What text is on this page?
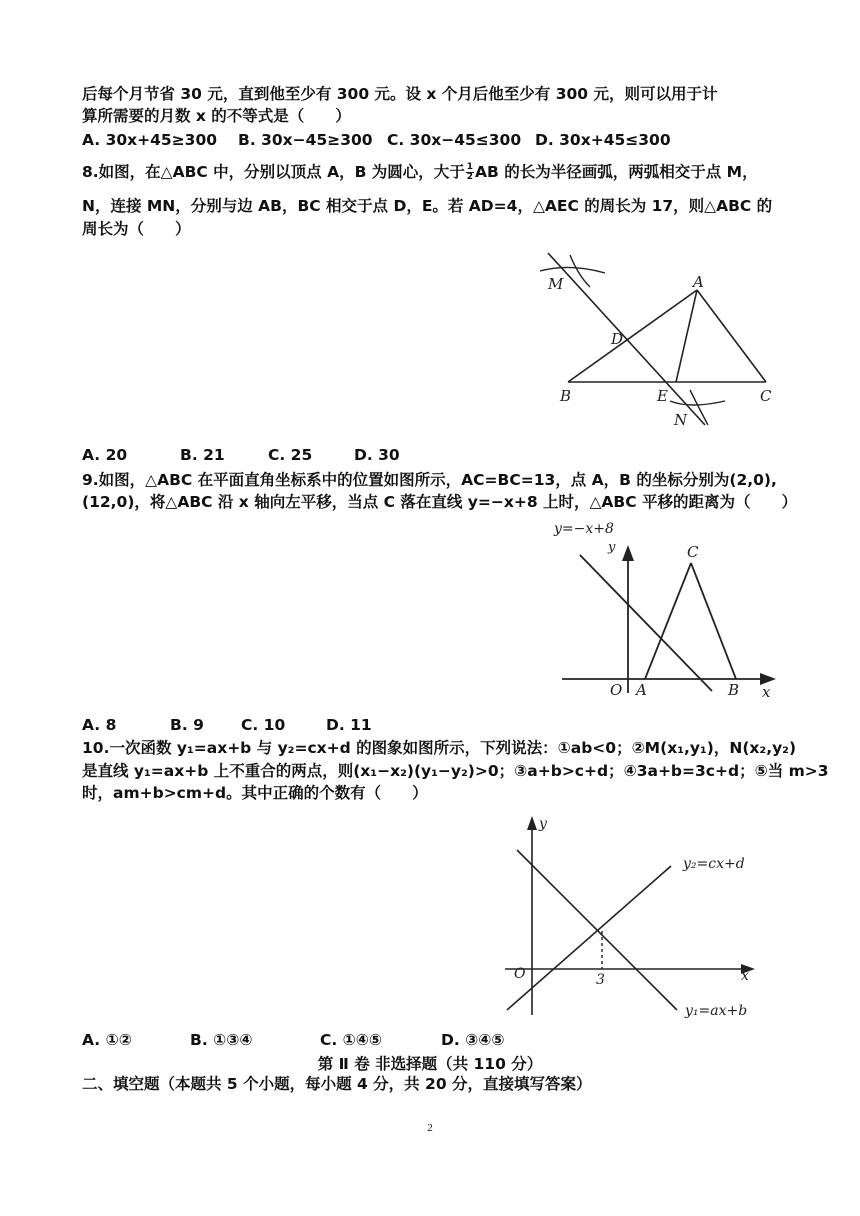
后每个月节省 30 元，直到他至少有 300 元。设 x 个月后他至少有 300 元，则可以用于计
算所需要的月数 x 的不等式是（　　）
A. 30x+45≥300 B. 30x−45≥300 C. 30x−45≤300 D. 30x+45≤300
8.如图，在△ABC 中，分别以顶点 A，B 为圆心，大于 $\frac{1}{2}$ AB 的长为半径画弧，两弧相交于点 M，
N，连接 MN，分别与边 AB，BC 相交于点 D，E。若 AD=4，△AEC 的周长为 17，则△ABC 的
周长为（　　）
M	A
D
B	E	C
N
A. 20	B. 21	C. 25	D. 30
9.如图，△ABC 在平面直角坐标系中的位置如图所示，AC=BC=13，点 A，B 的坐标分别为(2,0),
(12,0)，将△ABC 沿 x 轴向左平移，当点 C 落在直线 y=−x+8 上时，△ABC 平移的距离为（　　）
y=−x+8
y	C
O A	B x
A. 8	B. 9 C. 10	D. 11
10.一次函数 y₁=ax+b 与 y₂=cx+d 的图象如图所示，下列说法：①ab<0；②M(x₁,y₁)，N(x₂,y₂)
是直线 y₁=ax+b 上不重合的两点，则(x₁−x₂)(y₁−y₂)>0；③a+b>c+d；④3a+b=3c+d；⑤当 m>3
时，am+b>cm+d。其中正确的个数有（　　）
y
y₂=cx+d
O	3	x
y₁=ax+b
A. ①②	B. ①③④	C. ①④⑤	D. ③④⑤
第 Ⅱ 卷 非选择题（共 110 分）
二、填空题（本题共 5 个小题，每小题 4 分，共 20 分，直接填写答案）
2
